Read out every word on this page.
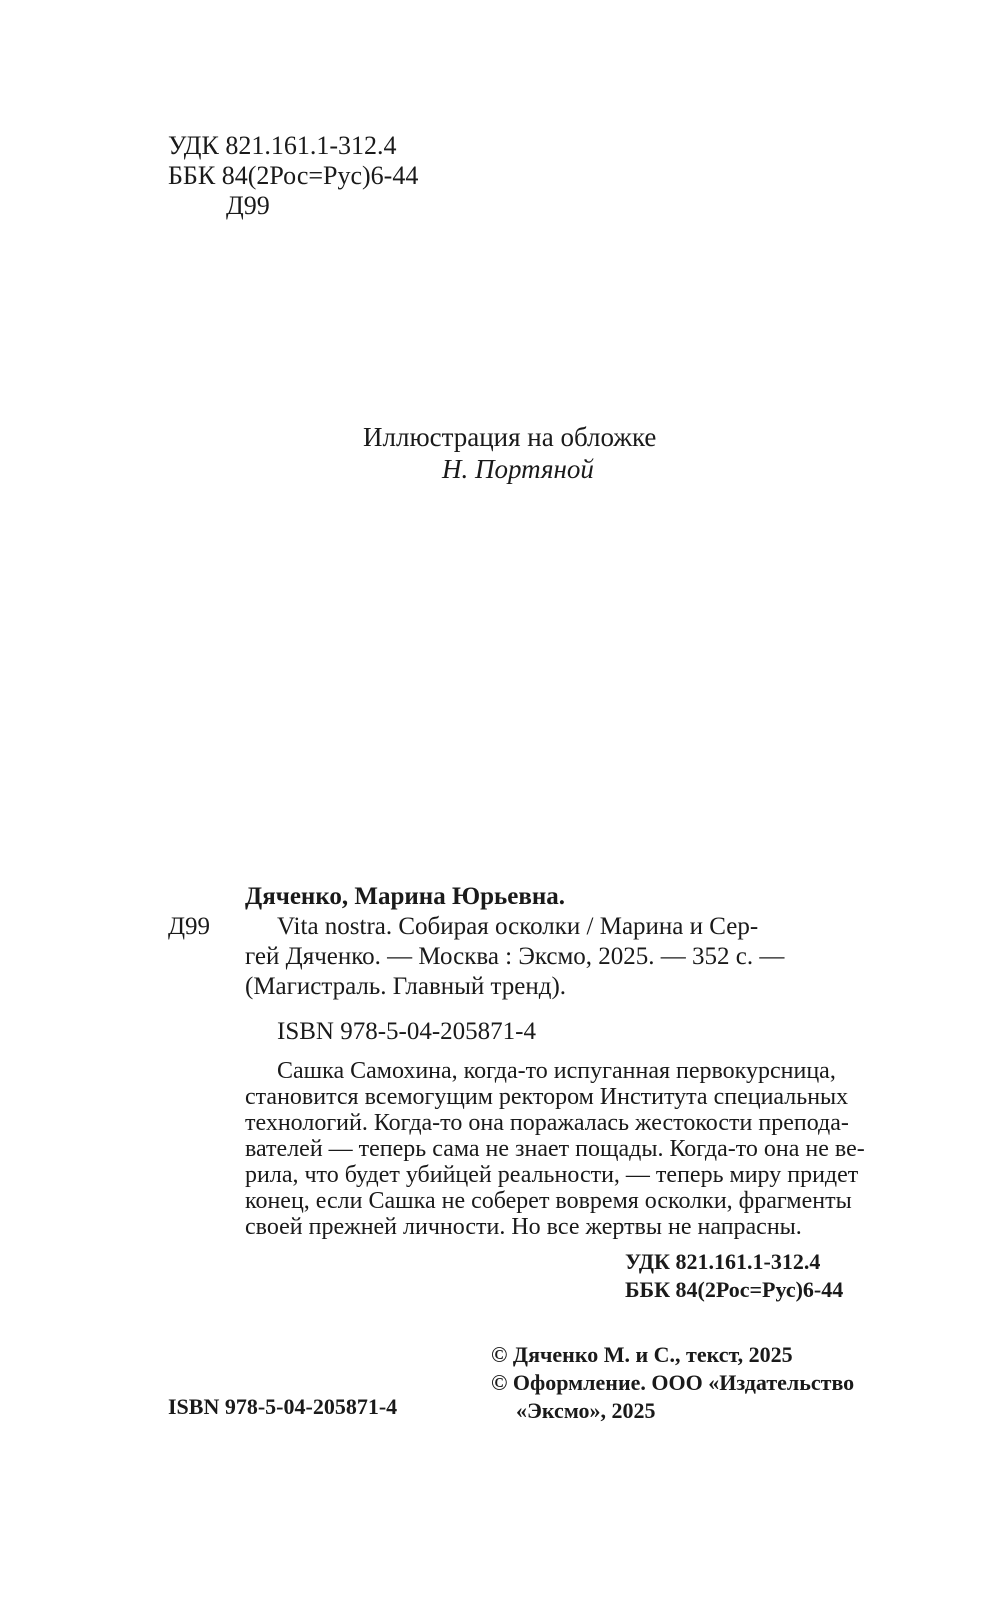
УДК 821.161.1-312.4
ББК 84(2Рос=Рус)6-44
Д99
Иллюстрация на обложке
Н. Портяной
Дяченко, Марина Юрьевна.
Д99	Vita nostra. Собирая осколки / Марина и Сер-
гей Дяченко. — Москва : Эксмо, 2025. — 352 с. —
(Магистраль. Главный тренд).
ISBN 978-5-04-205871-4
Сашка Самохина, когда-то испуганная первокурсница,
становится всемогущим ректором Института специальных
технологий. Когда-то она поражалась жестокости препода-
вателей — теперь сама не знает пощады. Когда-то она не ве-
рила, что будет убийцей реальности, — теперь миру придет
конец, если Сашка не соберет вовремя осколки, фрагменты
своей прежней личности. Но все жертвы не напрасны.
УДК 821.161.1-312.4
ББК 84(2Рос=Рус)6-44
ISBN 978-5-04-205871-4
© Дяченко М. и С., текст, 2025
© Оформление. ООО «Издательство
«Эксмо», 2025
